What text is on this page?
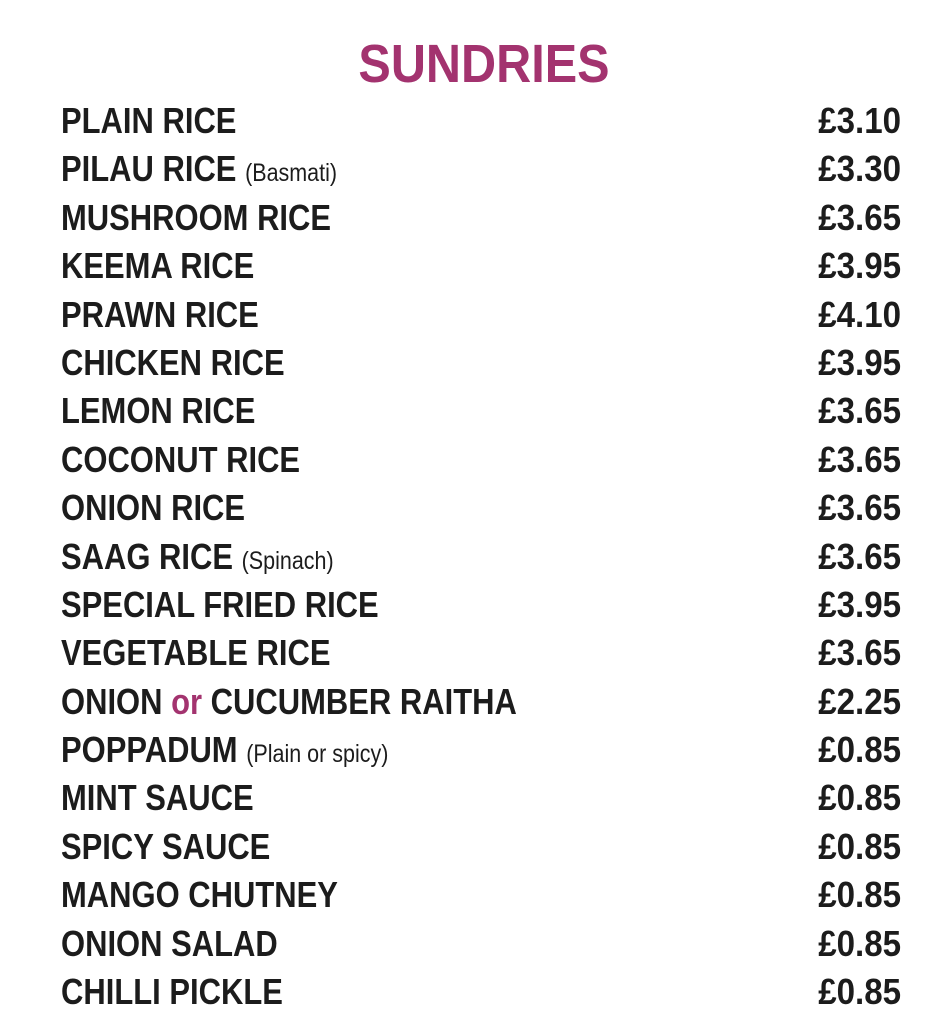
SUNDRIES
PLAIN RICE	£3.10
PILAU RICE (Basmati)	£3.30
MUSHROOM RICE	£3.65
KEEMA RICE	£3.95
PRAWN RICE	£4.10
CHICKEN RICE	£3.95
LEMON RICE	£3.65
COCONUT RICE	£3.65
ONION RICE	£3.65
SAAG RICE (Spinach)	£3.65
SPECIAL FRIED RICE	£3.95
VEGETABLE RICE	£3.65
ONION or CUCUMBER RAITHA	£2.25
POPPADUM (Plain or spicy)	£0.85
MINT SAUCE	£0.85
SPICY SAUCE	£0.85
MANGO CHUTNEY	£0.85
ONION SALAD	£0.85
CHILLI PICKLE	£0.85
